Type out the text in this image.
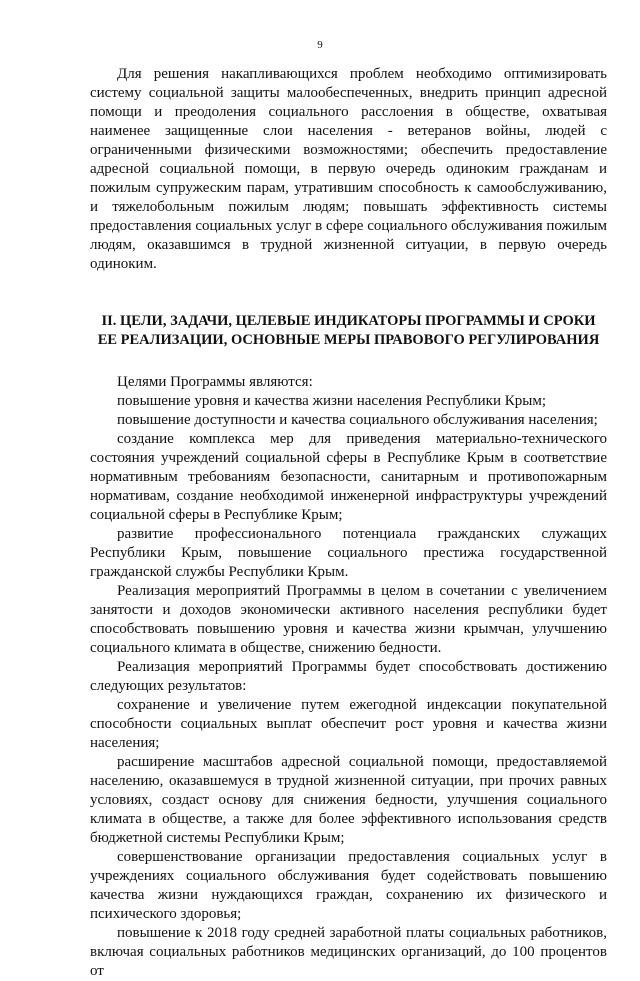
9

Для решения накапливающихся проблем необходимо оптимизировать систему социальной защиты малообеспеченных, внедрить принцип адресной помощи и преодоления социального расслоения в обществе, охватывая наименее защищенные слои населения - ветеранов войны, людей с ограниченными физическими возможностями; обеспечить предоставление адресной социальной помощи, в первую очередь одиноким гражданам и пожилым супружеским парам, утратившим способность к самообслуживанию, и тяжелобольным пожилым людям; повышать эффективность системы предоставления социальных услуг в сфере социального обслуживания пожилым людям, оказавшимся в трудной жизненной ситуации, в первую очередь одиноким.

II. ЦЕЛИ, ЗАДАЧИ, ЦЕЛЕВЫЕ ИНДИКАТОРЫ ПРОГРАММЫ И СРОКИ ЕЕ РЕАЛИЗАЦИИ, ОСНОВНЫЕ МЕРЫ ПРАВОВОГО РЕГУЛИРОВАНИЯ

Целями Программы являются:

повышение уровня и качества жизни населения Республики Крым;

повышение доступности и качества социального обслуживания населения;

создание комплекса мер для приведения материально-технического состояния учреждений социальной сферы в Республике Крым в соответствие нормативным требованиям безопасности, санитарным и противопожарным нормативам, создание необходимой инженерной инфраструктуры учреждений социальной сферы в Республике Крым;

развитие профессионального потенциала гражданских служащих Республики Крым, повышение социального престижа государственной гражданской службы Республики Крым.

Реализация мероприятий Программы в целом в сочетании с увеличением занятости и доходов экономически активного населения республики будет способствовать повышению уровня и качества жизни крымчан, улучшению социального климата в обществе, снижению бедности.

Реализация мероприятий Программы будет способствовать достижению следующих результатов:

сохранение и увеличение путем ежегодной индексации покупательной способности социальных выплат обеспечит рост уровня и качества жизни населения;

расширение масштабов адресной социальной помощи, предоставляемой населению, оказавшемуся в трудной жизненной ситуации, при прочих равных условиях, создаст основу для снижения бедности, улучшения социального климата в обществе, а также для более эффективного использования средств бюджетной системы Республики Крым;

совершенствование организации предоставления социальных услуг в учреждениях социального обслуживания будет содействовать повышению качества жизни нуждающихся граждан, сохранению их физического и психического здоровья;

повышение к 2018 году средней заработной платы социальных работников, включая социальных работников медицинских организаций, до 100 процентов от
